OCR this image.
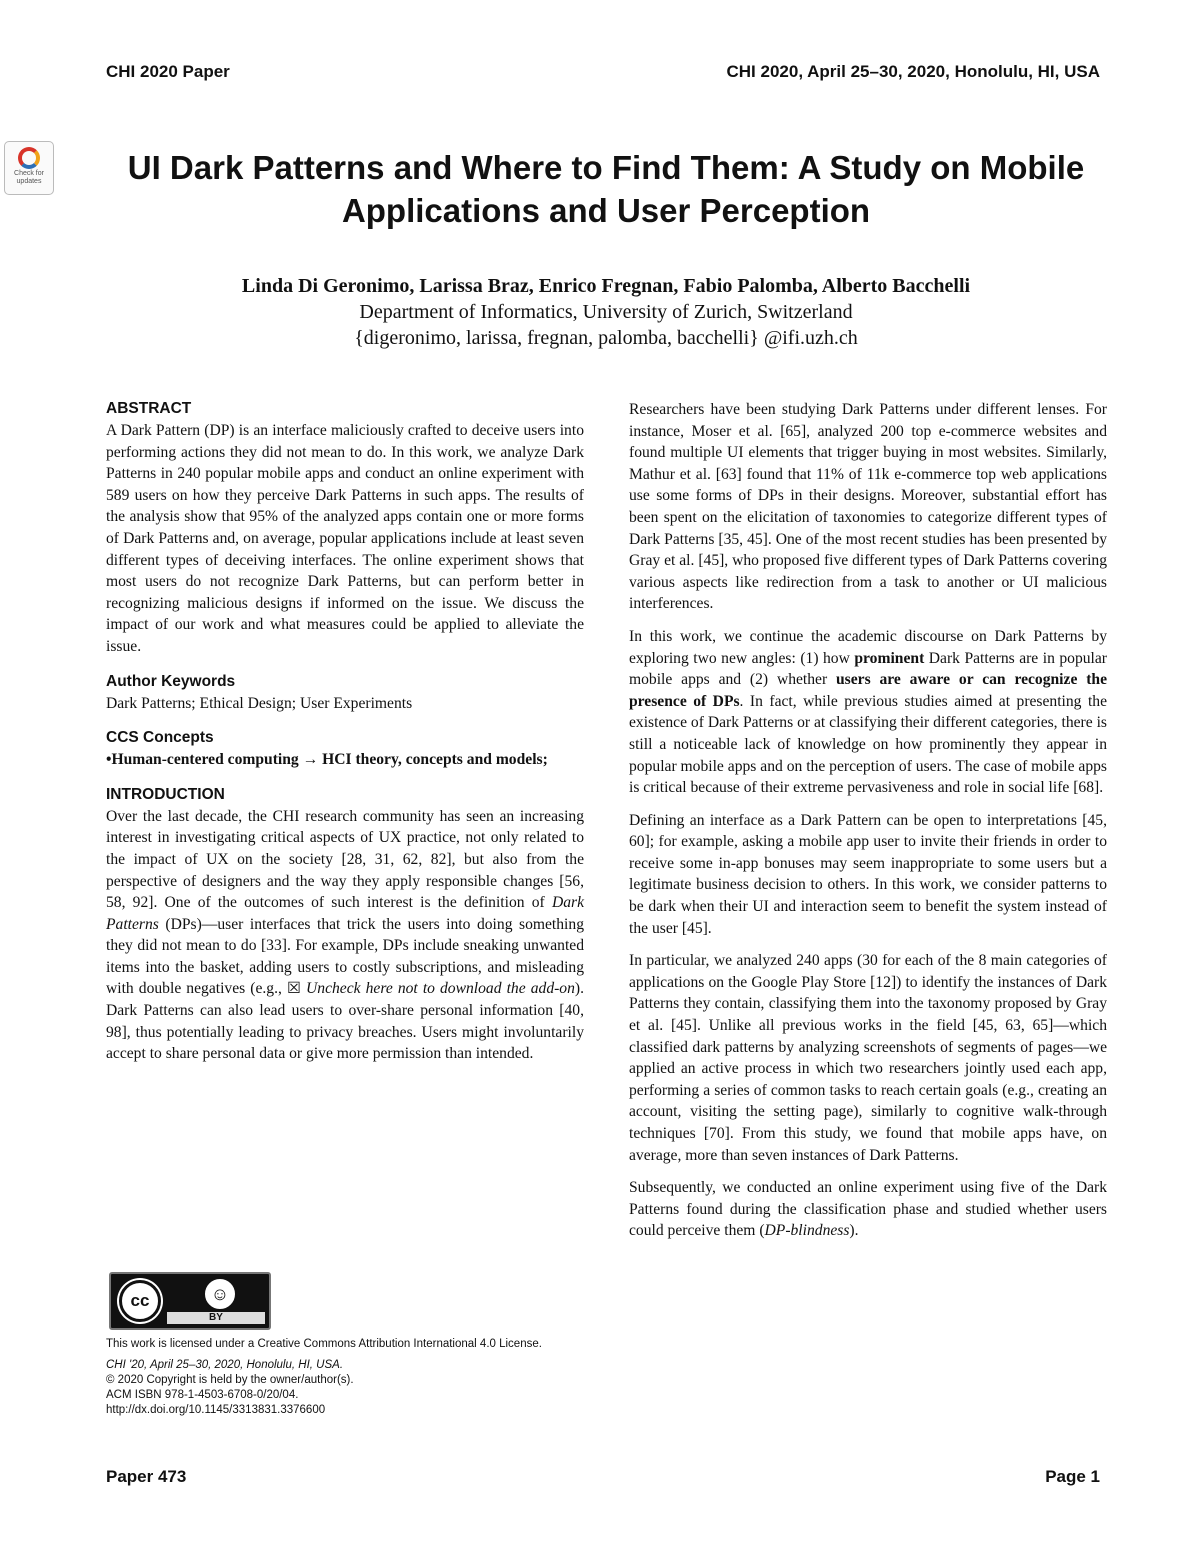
CHI 2020 Paper	CHI 2020, April 25–30, 2020, Honolulu, HI, USA
Check for updates	UI Dark Patterns and Where to Find Them: A Study on Mobile Applications and User Perception
Linda Di Geronimo, Larissa Braz, Enrico Fregnan, Fabio Palomba, Alberto Bacchelli
Department of Informatics, University of Zurich, Switzerland
{digeronimo, larissa, fregnan, palomba, bacchelli} @ifi.uzh.ch
ABSTRACT

A Dark Pattern (DP) is an interface maliciously crafted to deceive users into performing actions they did not mean to do. In this work, we analyze Dark Patterns in 240 popular mobile apps and conduct an online experiment with 589 users on how they perceive Dark Patterns in such apps. The results of the analysis show that 95% of the analyzed apps contain one or more forms of Dark Patterns and, on average, popular applications include at least seven different types of deceiving interfaces. The online experiment shows that most users do not recognize Dark Patterns, but can perform better in recognizing malicious designs if informed on the issue. We discuss the impact of our work and what measures could be applied to alleviate the issue.

Author Keywords

Dark Patterns; Ethical Design; User Experiments

CCS Concepts

•Human-centered computing → HCI theory, concepts and models;

INTRODUCTION

Over the last decade, the CHI research community has seen an increasing interest in investigating critical aspects of UX practice, not only related to the impact of UX on the society [28, 31, 62, 82], but also from the perspective of designers and the way they apply responsible changes [56, 58, 92]. One of the outcomes of such interest is the definition of Dark Patterns (DPs)—user interfaces that trick the users into doing something they did not mean to do [33]. For example, DPs include sneaking unwanted items into the basket, adding users to costly subscriptions, and misleading with double negatives (e.g., ☒ Uncheck here not to download the add-on). Dark Patterns can also lead users to over-share personal information [40, 98], thus potentially leading to privacy breaches. Users might involuntarily accept to share personal data or give more permission than intended.

Researchers have been studying Dark Patterns under different lenses. For instance, Moser et al. [65], analyzed 200 top e-commerce websites and found multiple UI elements that trigger buying in most websites. Similarly, Mathur et al. [63] found that 11% of 11k e-commerce top web applications use some forms of DPs in their designs. Moreover, substantial effort has been spent on the elicitation of taxonomies to categorize different types of Dark Patterns [35, 45]. One of the most recent studies has been presented by Gray et al. [45], who proposed five different types of Dark Patterns covering various aspects like redirection from a task to another or UI malicious interferences.

In this work, we continue the academic discourse on Dark Patterns by exploring two new angles: (1) how prominent Dark Patterns are in popular mobile apps and (2) whether users are aware or can recognize the presence of DPs. In fact, while previous studies aimed at presenting the existence of Dark Patterns or at classifying their different categories, there is still a noticeable lack of knowledge on how prominently they appear in popular mobile apps and on the perception of users. The case of mobile apps is critical because of their extreme pervasiveness and role in social life [68].

Defining an interface as a Dark Pattern can be open to interpretations [45, 60]; for example, asking a mobile app user to invite their friends in order to receive some in-app bonuses may seem inappropriate to some users but a legitimate business decision to others. In this work, we consider patterns to be dark when their UI and interaction seem to benefit the system instead of the user [45].

In particular, we analyzed 240 apps (30 for each of the 8 main categories of applications on the Google Play Store [12]) to identify the instances of Dark Patterns they contain, classifying them into the taxonomy proposed by Gray et al. [45]. Unlike all previous works in the field [45, 63, 65]—which classified dark patterns by analyzing screenshots of segments of pages—we applied an active process in which two researchers jointly used each app, performing a series of common tasks to reach certain goals (e.g., creating an account, visiting the setting page), similarly to cognitive walk-through techniques [70]. From this study, we found that mobile apps have, on average, more than seven instances of Dark Patterns.

Subsequently, we conducted an online experiment using five of the Dark Patterns found during the classification phase and studied whether users could perceive them (DP-blindness).

cc	☺
BY
This work is licensed under a Creative Commons Attribution International 4.0 License.
CHI '20, April 25–30, 2020, Honolulu, HI, USA.
© 2020 Copyright is held by the owner/author(s).
ACM ISBN 978-1-4503-6708-0/20/04.
http://dx.doi.org/10.1145/3313831.3376600
Paper 473	Page 1
